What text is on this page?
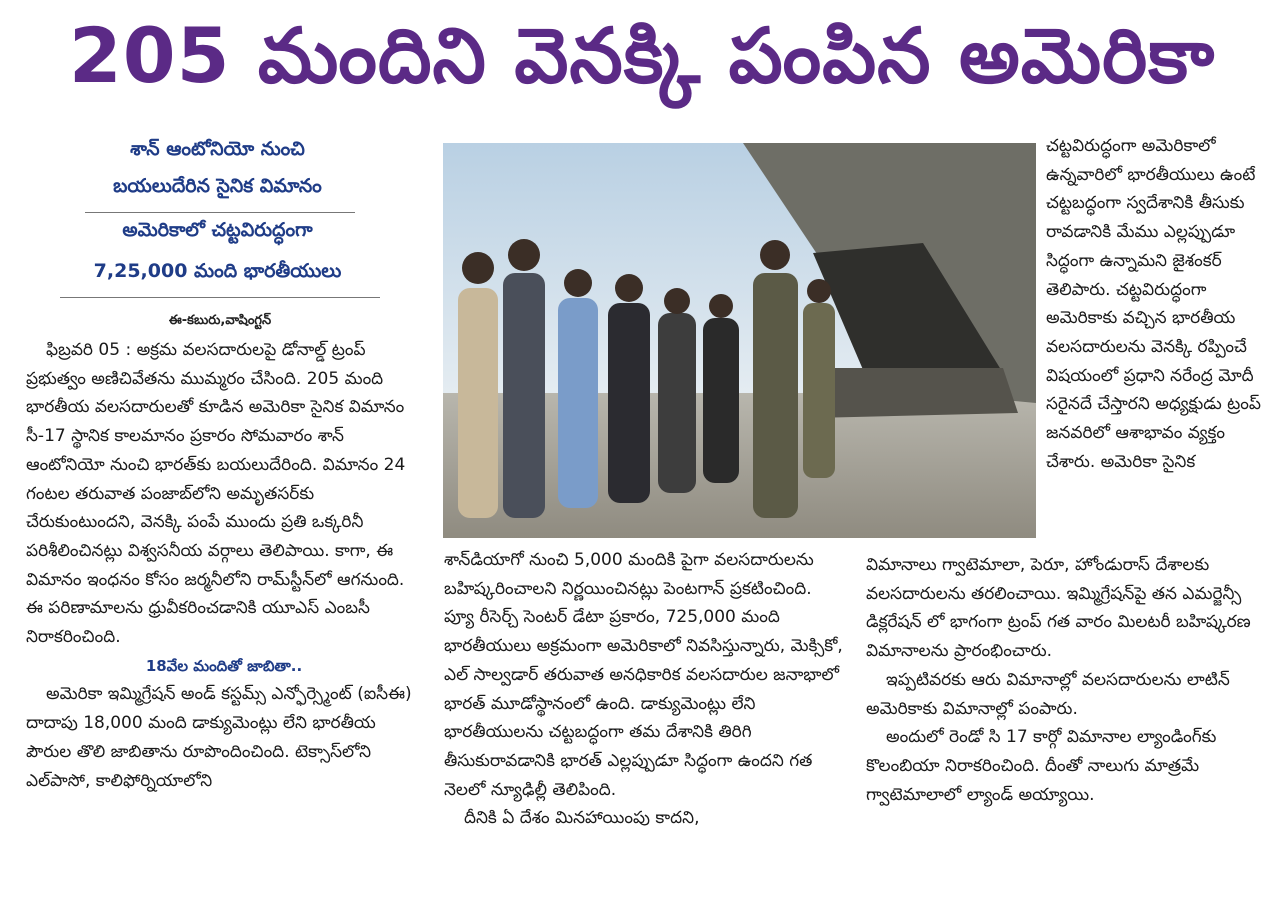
205 మందిని వెనక్కి పంపిన అమెరికా
శాన్ ఆంటోనియో నుంచి
బయలుదేరిన సైనిక విమానం
అమెరికాలో చట్టవిరుద్ధంగా
7,25,000 మంది భారతీయులు
ఈ-కబురు,వాషింగ్టన్

ఫిబ్రవరి 05 : అక్రమ వలసదారులపై డోనాల్డ్ ట్రంప్ ప్రభుత్వం అణిచివేతను ముమ్మరం చేసింది. 205 మంది భారతీయ వలసదారులతో కూడిన అమెరికా సైనిక విమానం సీ-17 స్థానిక కాలమానం ప్రకారం సోమవారం శాన్ ఆంటోనియో నుంచి భారత్‌కు బయలుదేరింది. విమానం 24 గంటల తరువాత పంజాబ్‌లోని అమృతసర్‌కు చేరుకుంటుందని, వెనక్కి పంపే ముందు ప్రతి ఒక్కరినీ పరిశీలించినట్లు విశ్వసనీయ వర్గాలు తెలిపాయి. కాగా, ఈ విమానం ఇంధనం కోసం జర్మనీలోని రామ్‌స్టీన్‌లో ఆగనుంది. ఈ పరిణామాలను ధ్రువీకరించడానికి యూఎస్ ఎంబసీ నిరాకరించింది.

18వేల మందితో జాబితా..

అమెరికా ఇమ్మిగ్రేషన్ అండ్ కస్టమ్స్ ఎన్ఫోర్స్మెంట్ (ఐసీఈ) దాదాపు 18,000 మంది డాక్యుమెంట్లు లేని భారతీయ పౌరుల తొలి జాబితాను రూపొందించింది. టెక్సాస్‌లోని ఎల్‌పాసో, కాలిఫోర్నియాలోని

శాన్‌డియాగో నుంచి 5,000 మందికి పైగా వలసదారులను బహిష్కరించాలని నిర్ణయించినట్లు పెంటగాన్ ప్రకటించింది. ప్యూ రీసెర్చ్ సెంటర్ డేటా ప్రకారం, 725,000 మంది భారతీయులు అక్రమంగా అమెరికాలో నివసిస్తున్నారు, మెక్సికో, ఎల్ సాల్వడార్ తరువాత అనధికారిక వలసదారుల జనాభాలో భారత్ మూడోస్థానంలో ఉంది. డాక్యుమెంట్లు లేని భారతీయులను చట్టబద్ధంగా తమ దేశానికి తిరిగి తీసుకురావడానికి భారత్ ఎల్లప్పుడూ సిద్ధంగా ఉందని గత నెలలో న్యూఢిల్లీ తెలిపింది.

దీనికి ఏ దేశం మినహాయింపు కాదని,

చట్టవిరుద్ధంగా అమెరికాలో ఉన్నవారిలో భారతీయులు ఉంటే చట్టబద్ధంగా స్వదేశానికి తీసుకు రావడానికి మేము ఎల్లప్పుడూ సిద్ధంగా ఉన్నామని జైశంకర్ తెలిపారు. చట్టవిరుద్ధంగా అమెరికాకు వచ్చిన భారతీయ వలసదారులను వెనక్కి రప్పించే విషయంలో ప్రధాని నరేంద్ర మోదీ సరైనదే చేస్తారని అధ్యక్షుడు ట్రంప్ జనవరిలో ఆశాభావం వ్యక్తం చేశారు. అమెరికా సైనిక

విమానాలు గ్వాటెమాలా, పెరూ, హోండురాస్ దేశాలకు వలసదారులను తరలించాయి. ఇమ్మిగ్రేషన్‌పై తన ఎమర్జెన్సీ డిక్లరేషన్ లో భాగంగా ట్రంప్ గత వారం మిలటరీ బహిష్కరణ విమానాలను ప్రారంభించారు.

ఇప్పటివరకు ఆరు విమానాల్లో వలసదారులను లాటిన్ అమెరికాకు విమానాల్లో పంపారు.

అందులో రెండో సి 17 కార్గో విమానాల ల్యాండింగ్‌కు కొలంబియా నిరాకరించింది. దీంతో నాలుగు మాత్రమే గ్వాటెమాలాలో ల్యాండ్ అయ్యాయి.
